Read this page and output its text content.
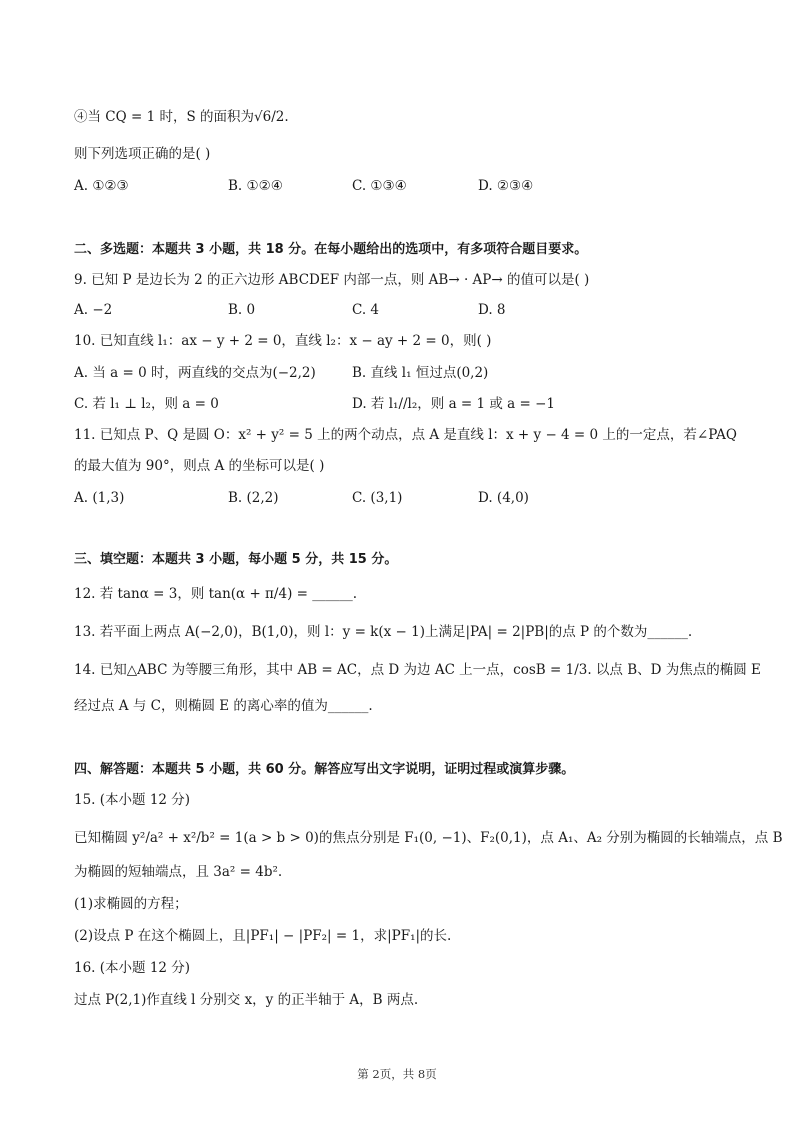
④当 CQ = 1 时，S 的面积为√6/2.
则下列选项正确的是( )
A. ①②③	B. ①②④	C. ①③④	D. ②③④
二、多选题：本题共 3 小题，共 18 分。在每小题给出的选项中，有多项符合题目要求。
9. 已知 P 是边长为 2 的正六边形 ABCDEF 内部一点，则 AB→ · AP→ 的值可以是( )
A. −2	B. 0	C. 4	D. 8
10. 已知直线 l₁：ax − y + 2 = 0，直线 l₂：x − ay + 2 = 0，则( )
A. 当 a = 0 时，两直线的交点为(−2,2)	B. 直线 l₁ 恒过点(0,2)
C. 若 l₁ ⊥ l₂，则 a = 0	D. 若 l₁//l₂，则 a = 1 或 a = −1
11. 已知点 P、Q 是圆 O：x² + y² = 5 上的两个动点，点 A 是直线 l：x + y − 4 = 0 上的一定点，若∠PAQ
的最大值为 90°，则点 A 的坐标可以是( )
A. (1,3)	B. (2,2)	C. (3,1)	D. (4,0)
三、填空题：本题共 3 小题，每小题 5 分，共 15 分。
12. 若 tanα = 3，则 tan(α + π/4) = ______.
13. 若平面上两点 A(−2,0)，B(1,0)，则 l：y = k(x − 1)上满足|PA| = 2|PB|的点 P 的个数为______.
14. 已知△ABC 为等腰三角形，其中 AB = AC，点 D 为边 AC 上一点，cosB = 1/3. 以点 B、D 为焦点的椭圆 E
经过点 A 与 C，则椭圆 E 的离心率的值为______.
四、解答题：本题共 5 小题，共 60 分。解答应写出文字说明，证明过程或演算步骤。
15. (本小题 12 分)
已知椭圆 y²/a² + x²/b² = 1(a > b > 0)的焦点分别是 F₁(0, −1)、F₂(0,1)，点 A₁、A₂ 分别为椭圆的长轴端点，点 B
为椭圆的短轴端点，且 3a² = 4b².
(1)求椭圆的方程；
(2)设点 P 在这个椭圆上，且|PF₁| − |PF₂| = 1，求|PF₁|的长.
16. (本小题 12 分)
过点 P(2,1)作直线 l 分别交 x，y 的正半轴于 A，B 两点.
第 2页，共 8页
